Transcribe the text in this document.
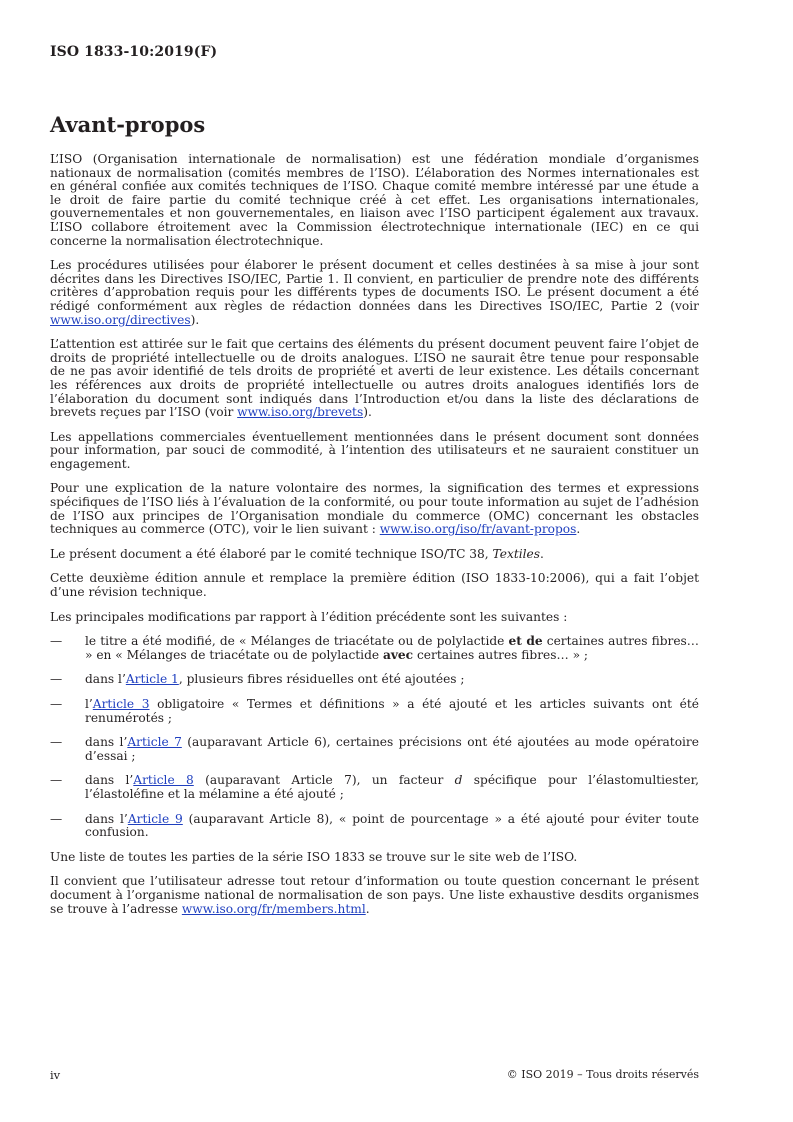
ISO 1833-10:2019(F)
Avant-propos

L’ISO (Organisation internationale de normalisation) est une fédération mondiale d’organismes nationaux de normalisation (comités membres de l’ISO). L’élaboration des Normes internationales est en général confiée aux comités techniques de l’ISO. Chaque comité membre intéressé par une étude a le droit de faire partie du comité technique créé à cet effet. Les organisations internationales, gouvernementales et non gouvernementales, en liaison avec l’ISO participent également aux travaux. L’ISO collabore étroitement avec la Commission électrotechnique internationale (IEC) en ce qui concerne la normalisation électrotechnique.

Les procédures utilisées pour élaborer le présent document et celles destinées à sa mise à jour sont décrites dans les Directives ISO/IEC, Partie 1. Il convient, en particulier de prendre note des différents critères d’approbation requis pour les différents types de documents ISO. Le présent document a été rédigé conformément aux règles de rédaction données dans les Directives ISO/IEC, Partie 2 (voir www.iso.org/directives).

L’attention est attirée sur le fait que certains des éléments du présent document peuvent faire l’objet de droits de propriété intellectuelle ou de droits analogues. L’ISO ne saurait être tenue pour responsable de ne pas avoir identifié de tels droits de propriété et averti de leur existence. Les détails concernant les références aux droits de propriété intellectuelle ou autres droits analogues identifiés lors de l’élaboration du document sont indiqués dans l’Introduction et/ou dans la liste des déclarations de brevets reçues par l’ISO (voir www.iso.org/brevets).

Les appellations commerciales éventuellement mentionnées dans le présent document sont données pour information, par souci de commodité, à l’intention des utilisateurs et ne sauraient constituer un engagement.

Pour une explication de la nature volontaire des normes, la signification des termes et expressions spécifiques de l’ISO liés à l’évaluation de la conformité, ou pour toute information au sujet de l’adhésion de l’ISO aux principes de l’Organisation mondiale du commerce (OMC) concernant les obstacles techniques au commerce (OTC), voir le lien suivant : www.iso.org/iso/fr/avant-propos.

Le présent document a été élaboré par le comité technique ISO/TC 38, Textiles.

Cette deuxième édition annule et remplace la première édition (ISO 1833-10:2006), qui a fait l’objet d’une révision technique.

Les principales modifications par rapport à l’édition précédente sont les suivantes :

— le titre a été modifié, de « Mélanges de triacétate ou de polylactide et de certaines autres fibres… » en « Mélanges de triacétate ou de polylactide avec certaines autres fibres… » ;
— dans l’Article 1, plusieurs fibres résiduelles ont été ajoutées ;
— l’Article 3 obligatoire « Termes et définitions » a été ajouté et les articles suivants ont été renumérotés ;
— dans l’Article 7 (auparavant Article 6), certaines précisions ont été ajoutées au mode opératoire d’essai ;
— dans l’Article 8 (auparavant Article 7), un facteur d spécifique pour l’élastomultiester, l’élastoléfine et la mélamine a été ajouté ;
— dans l’Article 9 (auparavant Article 8), « point de pourcentage » a été ajouté pour éviter toute confusion.

Une liste de toutes les parties de la série ISO 1833 se trouve sur le site web de l’ISO.

Il convient que l’utilisateur adresse tout retour d’information ou toute question concernant le présent document à l’organisme national de normalisation de son pays. Une liste exhaustive desdits organismes se trouve à l’adresse www.iso.org/fr/members.html.

iv	© ISO 2019 – Tous droits réservés
